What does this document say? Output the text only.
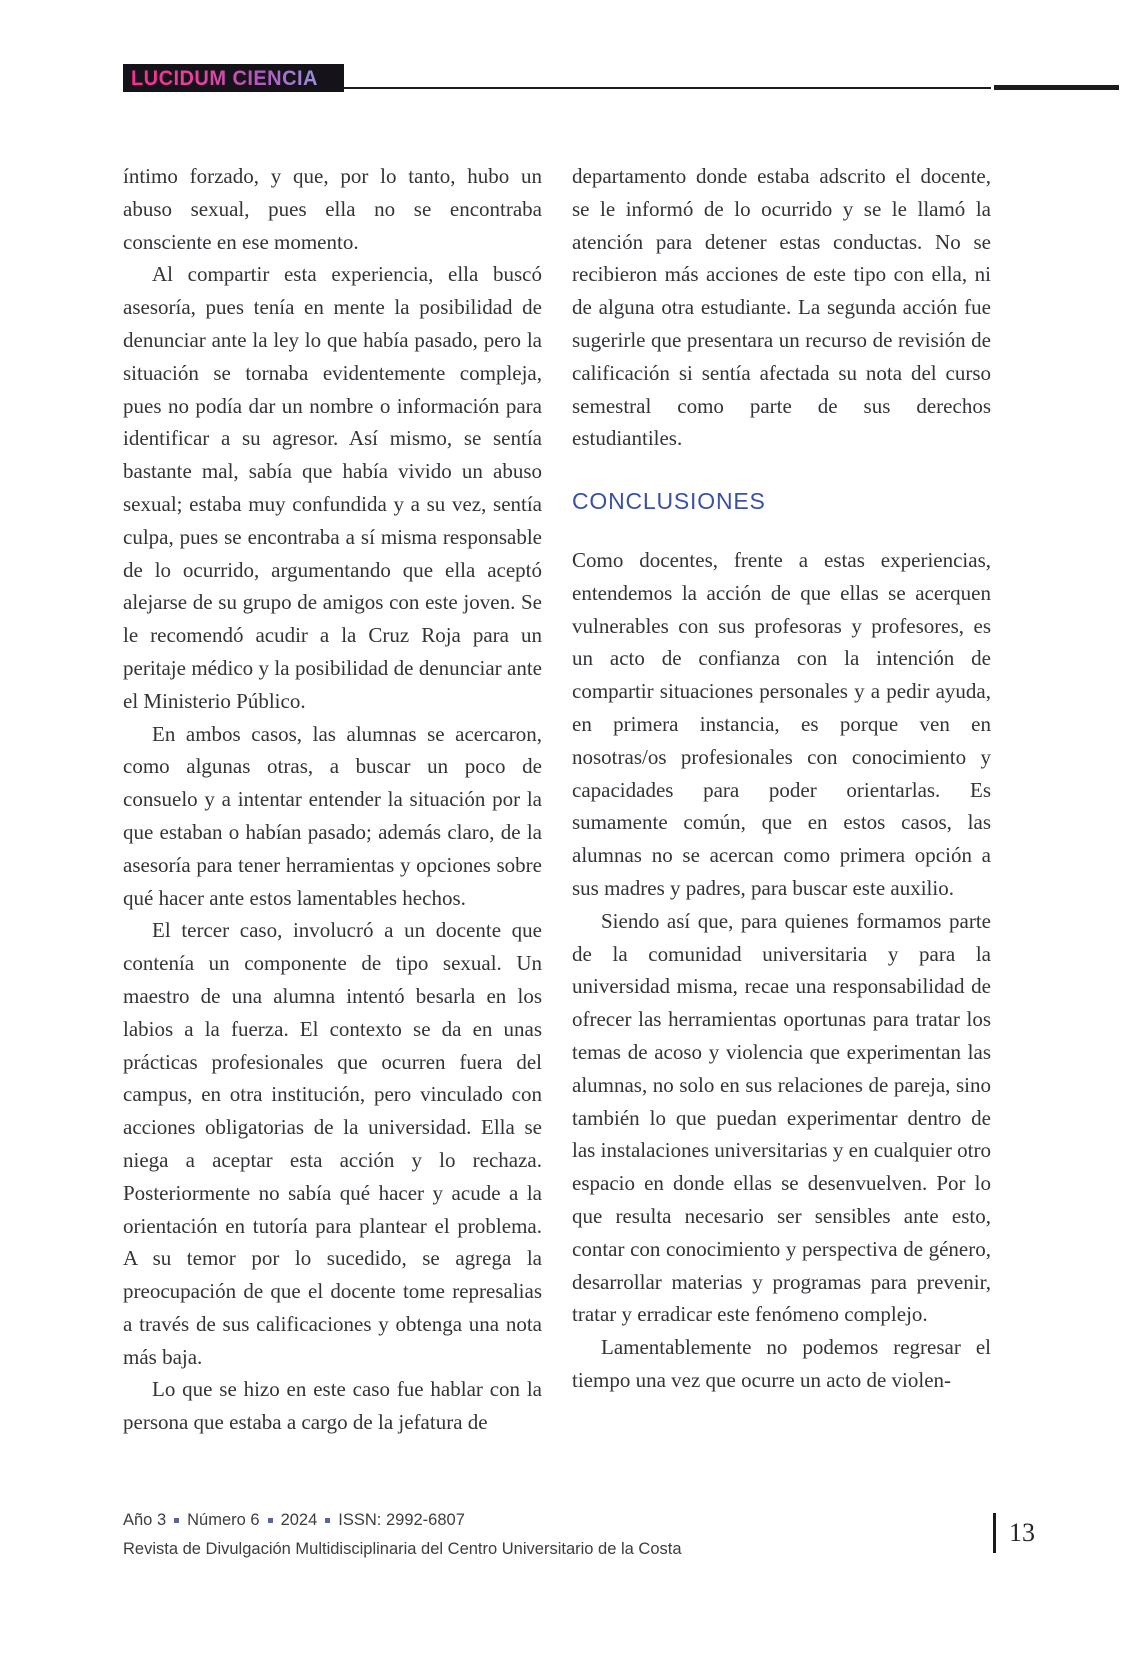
LUCIDUM CIENCIA

íntimo forzado, y que, por lo tanto, hubo un abuso sexual, pues ella no se encontraba consciente en ese momento.

Al compartir esta experiencia, ella buscó asesoría, pues tenía en mente la posibilidad de denunciar ante la ley lo que había pasado, pero la situación se tornaba evidentemente compleja, pues no podía dar un nombre o información para identificar a su agresor. Así mismo, se sentía bastante mal, sabía que había vivido un abuso sexual; estaba muy confundida y a su vez, sentía culpa, pues se encontraba a sí misma responsable de lo ocurrido, argumentando que ella aceptó alejarse de su grupo de amigos con este joven. Se le recomendó acudir a la Cruz Roja para un peritaje médico y la posibilidad de denunciar ante el Ministerio Público.

En ambos casos, las alumnas se acercaron, como algunas otras, a buscar un poco de consuelo y a intentar entender la situación por la que estaban o habían pasado; además claro, de la asesoría para tener herramientas y opciones sobre qué hacer ante estos lamentables hechos.

El tercer caso, involucró a un docente que contenía un componente de tipo sexual. Un maestro de una alumna intentó besarla en los labios a la fuerza. El contexto se da en unas prácticas profesionales que ocurren fuera del campus, en otra institución, pero vinculado con acciones obligatorias de la universidad. Ella se niega a aceptar esta acción y lo rechaza. Posteriormente no sabía qué hacer y acude a la orientación en tutoría para plantear el problema. A su temor por lo sucedido, se agrega la preocupación de que el docente tome represalias a través de sus calificaciones y obtenga una nota más baja.

Lo que se hizo en este caso fue hablar con la persona que estaba a cargo de la jefatura de

departamento donde estaba adscrito el docente, se le informó de lo ocurrido y se le llamó la atención para detener estas conductas. No se recibieron más acciones de este tipo con ella, ni de alguna otra estudiante. La segunda acción fue sugerirle que presentara un recurso de revisión de calificación si sentía afectada su nota del curso semestral como parte de sus derechos estudiantiles.

CONCLUSIONES

Como docentes, frente a estas experiencias, entendemos la acción de que ellas se acerquen vulnerables con sus profesoras y profesores, es un acto de confianza con la intención de compartir situaciones personales y a pedir ayuda, en primera instancia, es porque ven en nosotras/os profesionales con conocimiento y capacidades para poder orientarlas. Es sumamente común, que en estos casos, las alumnas no se acercan como primera opción a sus madres y padres, para buscar este auxilio.

Siendo así que, para quienes formamos parte de la comunidad universitaria y para la universidad misma, recae una responsabilidad de ofrecer las herramientas oportunas para tratar los temas de acoso y violencia que experimentan las alumnas, no solo en sus relaciones de pareja, sino también lo que puedan experimentar dentro de las instalaciones universitarias y en cualquier otro espacio en donde ellas se desenvuelven. Por lo que resulta necesario ser sensibles ante esto, contar con conocimiento y perspectiva de género, desarrollar materias y programas para prevenir, tratar y erradicar este fenómeno complejo.

Lamentablemente no podemos regresar el tiempo una vez que ocurre un acto de violen-

Año 3 Número 6 2024 ISSN: 2992-6807
Revista de Divulgación Multidisciplinaria del Centro Universitario de la Costa
13
